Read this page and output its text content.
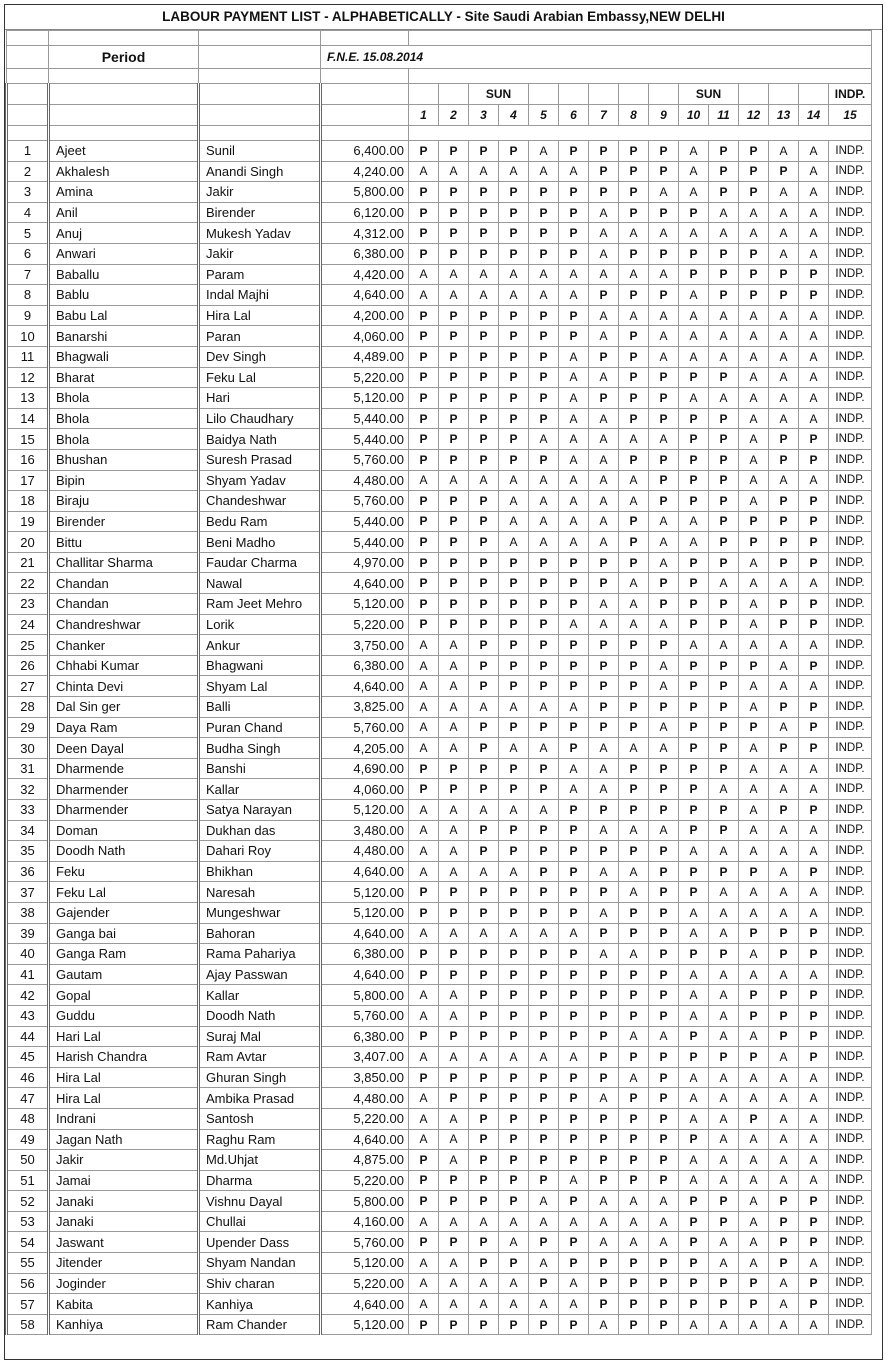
LABOUR PAYMENT LIST - ALPHABETICALLY - Site Saudi Arabian Embassy,NEW DELHI

	Period		F.N.E. 15.08.2014															

						SUN							SUN					INDP.
				1	2	3	4	5	6	7	8	9	10	11	12	13	14	15

1	Ajeet	Sunil	6,400.00	P	P	P	P	A	P	P	P	P	A	P	P	A	A	INDP.
2	Akhalesh	Anandi Singh	4,240.00	A	A	A	A	A	A	P	P	P	A	P	P	P	A	INDP.
3	Amina	Jakir	5,800.00	P	P	P	P	P	P	P	P	A	A	P	P	A	A	INDP.
4	Anil	Birender	6,120.00	P	P	P	P	P	P	A	P	P	P	A	A	A	A	INDP.
5	Anuj	Mukesh Yadav	4,312.00	P	P	P	P	P	P	A	A	A	A	A	A	A	A	INDP.
6	Anwari	Jakir	6,380.00	P	P	P	P	P	P	A	P	P	P	P	P	A	A	INDP.
7	Baballu	Param	4,420.00	A	A	A	A	A	A	A	A	A	P	P	P	P	P	INDP.
8	Bablu	Indal Majhi	4,640.00	A	A	A	A	A	A	P	P	P	A	P	P	P	P	INDP.
9	Babu Lal	Hira Lal	4,200.00	P	P	P	P	P	P	A	A	A	A	A	A	A	A	INDP.
10	Banarshi	Paran	4,060.00	P	P	P	P	P	P	A	P	A	A	A	A	A	A	INDP.
11	Bhagwali	Dev Singh	4,489.00	P	P	P	P	P	A	P	P	A	A	A	A	A	A	INDP.
12	Bharat	Feku Lal	5,220.00	P	P	P	P	P	A	A	P	P	P	P	A	A	A	INDP.
13	Bhola	Hari	5,120.00	P	P	P	P	P	A	P	P	P	A	A	A	A	A	INDP.
14	Bhola	Lilo Chaudhary	5,440.00	P	P	P	P	P	A	A	P	P	P	P	A	A	A	INDP.
15	Bhola	Baidya Nath	5,440.00	P	P	P	P	A	A	A	A	A	P	P	A	P	P	INDP.
16	Bhushan	Suresh Prasad	5,760.00	P	P	P	P	P	A	A	P	P	P	P	A	P	P	INDP.
17	Bipin	Shyam Yadav	4,480.00	A	A	A	A	A	A	A	A	P	P	P	A	A	A	INDP.
18	Biraju	Chandeshwar	5,760.00	P	P	P	A	A	A	A	A	P	P	P	A	P	P	INDP.
19	Birender	Bedu Ram	5,440.00	P	P	P	A	A	A	A	P	A	A	P	P	P	P	INDP.
20	Bittu	Beni Madho	5,440.00	P	P	P	A	A	A	A	P	A	A	P	P	P	P	INDP.
21	Challitar Sharma	Faudar Charma	4,970.00	P	P	P	P	P	P	P	P	A	P	P	A	P	P	INDP.
22	Chandan	Nawal	4,640.00	P	P	P	P	P	P	P	A	P	P	A	A	A	A	INDP.
23	Chandan	Ram Jeet Mehro	5,120.00	P	P	P	P	P	P	A	A	P	P	P	A	P	P	INDP.
24	Chandreshwar	Lorik	5,220.00	P	P	P	P	P	A	A	A	A	P	P	A	P	P	INDP.
25	Chanker	Ankur	3,750.00	A	A	P	P	P	P	P	P	P	A	A	A	A	A	INDP.
26	Chhabi Kumar	Bhagwani	6,380.00	A	A	P	P	P	P	P	P	A	P	P	P	A	P	INDP.
27	Chinta Devi	Shyam Lal	4,640.00	A	A	P	P	P	P	P	P	A	P	P	A	A	A	INDP.
28	Dal Sin ger	Balli	3,825.00	A	A	A	A	A	A	P	P	P	P	P	A	P	P	INDP.
29	Daya Ram	Puran Chand	5,760.00	A	A	P	P	P	P	P	P	A	P	P	P	A	P	INDP.
30	Deen Dayal	Budha Singh	4,205.00	A	A	P	A	A	P	A	A	A	P	P	A	P	P	INDP.
31	Dharmende	Banshi	4,690.00	P	P	P	P	P	A	A	P	P	P	P	A	A	A	INDP.
32	Dharmender	Kallar	4,060.00	P	P	P	P	P	A	A	P	P	P	A	A	A	A	INDP.
33	Dharmender	Satya Narayan	5,120.00	A	A	A	A	A	P	P	P	P	P	P	A	P	P	INDP.
34	Doman	Dukhan das	3,480.00	A	A	P	P	P	P	A	A	A	P	P	A	A	A	INDP.
35	Doodh Nath	Dahari Roy	4,480.00	A	A	P	P	P	P	P	P	P	A	A	A	A	A	INDP.
36	Feku	Bhikhan	4,640.00	A	A	A	A	P	P	A	A	P	P	P	P	A	P	INDP.
37	Feku Lal	Naresah	5,120.00	P	P	P	P	P	P	P	A	P	P	A	A	A	A	INDP.
38	Gajender	Mungeshwar	5,120.00	P	P	P	P	P	P	A	P	P	A	A	A	A	A	INDP.
39	Ganga bai	Bahoran	4,640.00	A	A	A	A	A	A	P	P	P	A	A	P	P	P	INDP.
40	Ganga Ram	Rama Pahariya	6,380.00	P	P	P	P	P	P	A	A	P	P	P	A	P	P	INDP.
41	Gautam	Ajay Passwan	4,640.00	P	P	P	P	P	P	P	P	P	A	A	A	A	A	INDP.
42	Gopal	Kallar	5,800.00	A	A	P	P	P	P	P	P	P	A	A	P	P	P	INDP.
43	Guddu	Doodh Nath	5,760.00	A	A	P	P	P	P	P	P	P	A	A	P	P	P	INDP.
44	Hari Lal	Suraj Mal	6,380.00	P	P	P	P	P	P	P	A	A	P	A	A	P	P	INDP.
45	Harish Chandra	Ram Avtar	3,407.00	A	A	A	A	A	A	P	P	P	P	P	P	A	P	INDP.
46	Hira Lal	Ghuran Singh	3,850.00	P	P	P	P	P	P	P	A	P	A	A	A	A	A	INDP.
47	Hira Lal	Ambika Prasad	4,480.00	A	P	P	P	P	P	A	P	P	A	A	A	A	A	INDP.
48	Indrani	Santosh	5,220.00	A	A	P	P	P	P	P	P	P	A	A	P	A	A	INDP.
49	Jagan Nath	Raghu Ram	4,640.00	A	A	P	P	P	P	P	P	P	P	A	A	A	A	INDP.
50	Jakir	Md.Uhjat	4,875.00	P	A	P	P	P	P	P	P	P	A	A	A	A	A	INDP.
51	Jamai	Dharma	5,220.00	P	P	P	P	P	A	P	P	P	A	A	A	A	A	INDP.
52	Janaki	Vishnu Dayal	5,800.00	P	P	P	P	A	P	A	A	A	P	P	A	P	P	INDP.
53	Janaki	Chullai	4,160.00	A	A	A	A	A	A	A	A	A	P	P	A	P	P	INDP.
54	Jaswant	Upender Dass	5,760.00	P	P	P	A	P	P	A	A	A	P	A	A	P	P	INDP.
55	Jitender	Shyam Nandan	5,120.00	A	A	P	P	A	P	P	P	P	P	A	A	P	A	INDP.
56	Joginder	Shiv charan	5,220.00	A	A	A	A	P	A	P	P	P	P	P	P	A	P	INDP.
57	Kabita	Kanhiya	4,640.00	A	A	A	A	A	A	P	P	P	P	P	P	A	P	INDP.
58	Kanhiya	Ram Chander	5,120.00	P	P	P	P	P	P	A	P	P	A	A	A	A	A	INDP.
